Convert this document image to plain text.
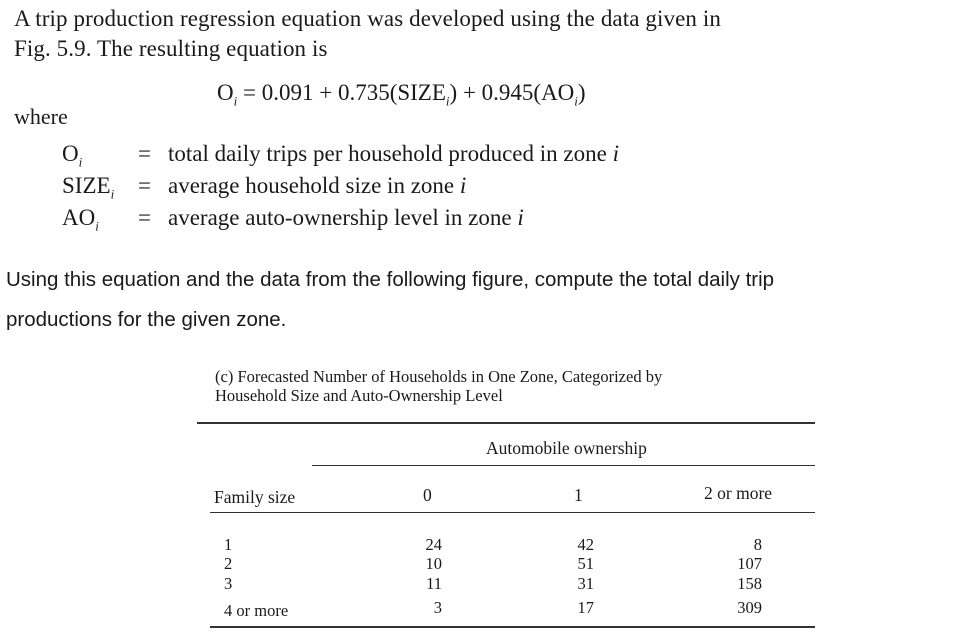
A trip production regression equation was developed using the data given in
Fig. 5.9. The resulting equation is
$O_i = 0.091$ + $0.735(SIZE_i) + 0.945(AO_i)$
where
$O_i$ = total daily trips per household produced in zone i
$SIZE_i$ = average household size in zone i
$AO_i$ = average auto-ownership level in zone i
Using this equation and the data from the following figure, compute the total daily trip
productions for the given zone.
(c) Forecasted Number of Households in One Zone, Categorized by
Household Size and Auto-Ownership Level
Automobile ownership
Family size	0	1	2 or more
1	24	42	8
2	10	51	107
3	11	31	158
4 or more	3	17	309
